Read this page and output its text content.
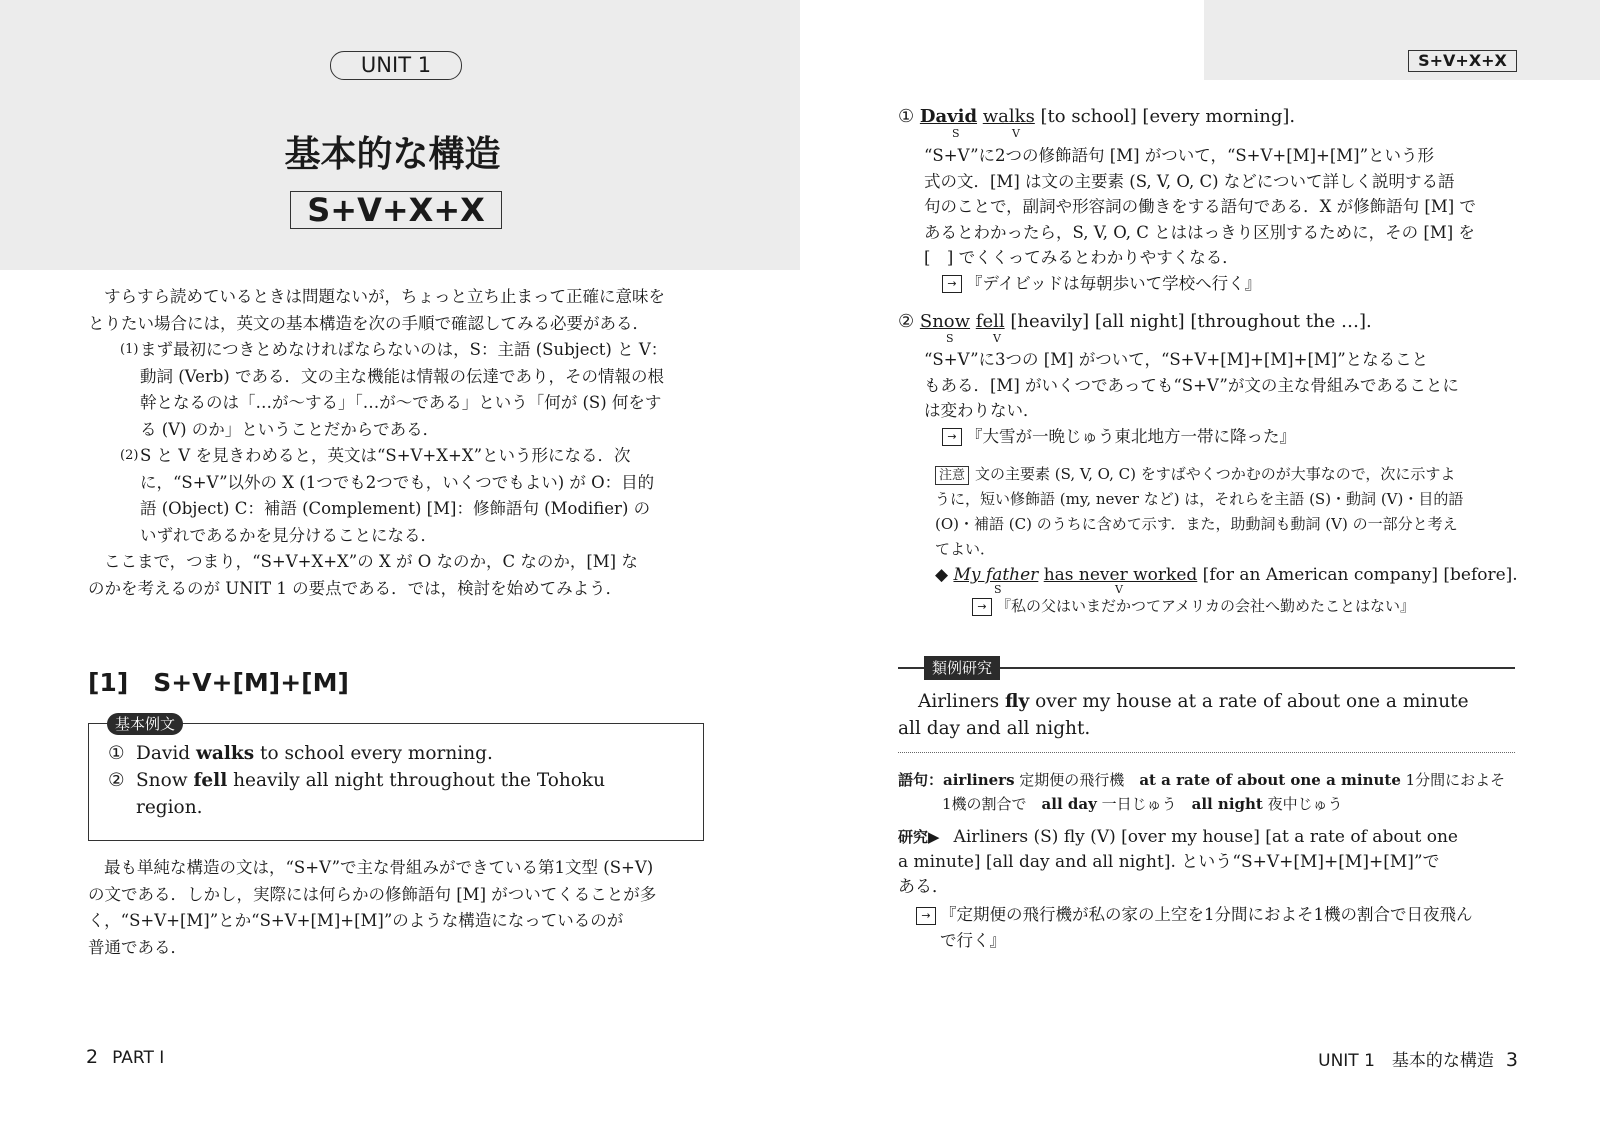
UNIT 1
基本的な構造
S+V+X+X

すらすら読めているときは問題ないが，ちょっと立ち止まって正確に意味を

とりたい場合には，英文の基本構造を次の手順で確認してみる必要がある．

(1) まず最初につきとめなければならないのは，S：主語 (Subject) と V：

動詞 (Verb) である．文の主な機能は情報の伝達であり，その情報の根

幹となるのは「…が〜する」「…が〜である」という「何が (S) 何をす

る (V) のか」ということだからである．

(2) S と V を見きわめると，英文は“S+V+X+X”という形になる．次

に，“S+V”以外の X (1つでも2つでも，いくつでもよい) が O：目的

語 (Object) C：補語 (Complement) [M]：修飾語句 (Modifier) の

いずれであるかを見分けることになる．

ここまで，つまり，“S+V+X+X”の X が O なのか，C なのか，[M] な

のかを考えるのが UNIT 1 の要点である．では，検討を始めてみよう．

[1]　S+V+[M]+[M]
基本例文
① David walks to school every morning.
② Snow fell heavily all night throughout the Tohoku

region.

最も単純な構造の文は，“S+V”で主な骨組みができている第1文型 (S+V)

の文である．しかし，実際には何らかの修飾語句 [M] がついてくることが多

く，“S+V+[M]”とか“S+V+[M]+[M]”のような構造になっているのが

普通である．

2 PART I
S+V+X+X
① David walks [to school] [every morning].
S	V

“S+V”に2つの修飾語句 [M] がついて，“S+V+[M]+[M]”という形

式の文．[M] は文の主要素 (S, V, O, C) などについて詳しく説明する語

句のことで，副詞や形容詞の働きをする語句である．X が修飾語句 [M] で

あるとわかったら，S, V, O, C とははっきり区別するために，その [M] を

[　] でくくってみるとわかりやすくなる．

→ 『デイビッドは毎朝歩いて学校へ行く』

② Snow fell [heavily] [all night] [throughout the …].
S	V

“S+V”に3つの [M] がついて，“S+V+[M]+[M]+[M]”となること

もある．[M] がいくつであっても“S+V”が文の主な骨組みであることに

は変わりない．

→ 『大雪が一晩じゅう東北地方一帯に降った』

注意 文の主要素 (S, V, O, C) をすばやくつかむのが大事なので，次に示すよ

うに，短い修飾語 (my, never など) は，それらを主語 (S)・動詞 (V)・目的語

(O)・補語 (C) のうちに含めて示す．また，助動詞も動詞 (V) の一部分と考え

てよい．

◆ My father has never worked [for an American company] [before].
S	V
→ 『私の父はいまだかつてアメリカの会社へ勤めたことはない』
類例研究

Airliners fly over my house at a rate of about one a minute

all day and all night.

語句：airliners 定期便の飛行機　at a rate of about one a minute 1分間におよそ

1機の割合で　all day 一日じゅう　all night 夜中じゅう

研究▶ Airliners (S) fly (V) [over my house] [at a rate of about one

a minute] [all day and all night]. という“S+V+[M]+[M]+[M]”で

ある．

→ 『定期便の飛行機が私の家の上空を1分間におよそ1機の割合で日夜飛ん

で行く』

UNIT 1　基本的な構造 3
